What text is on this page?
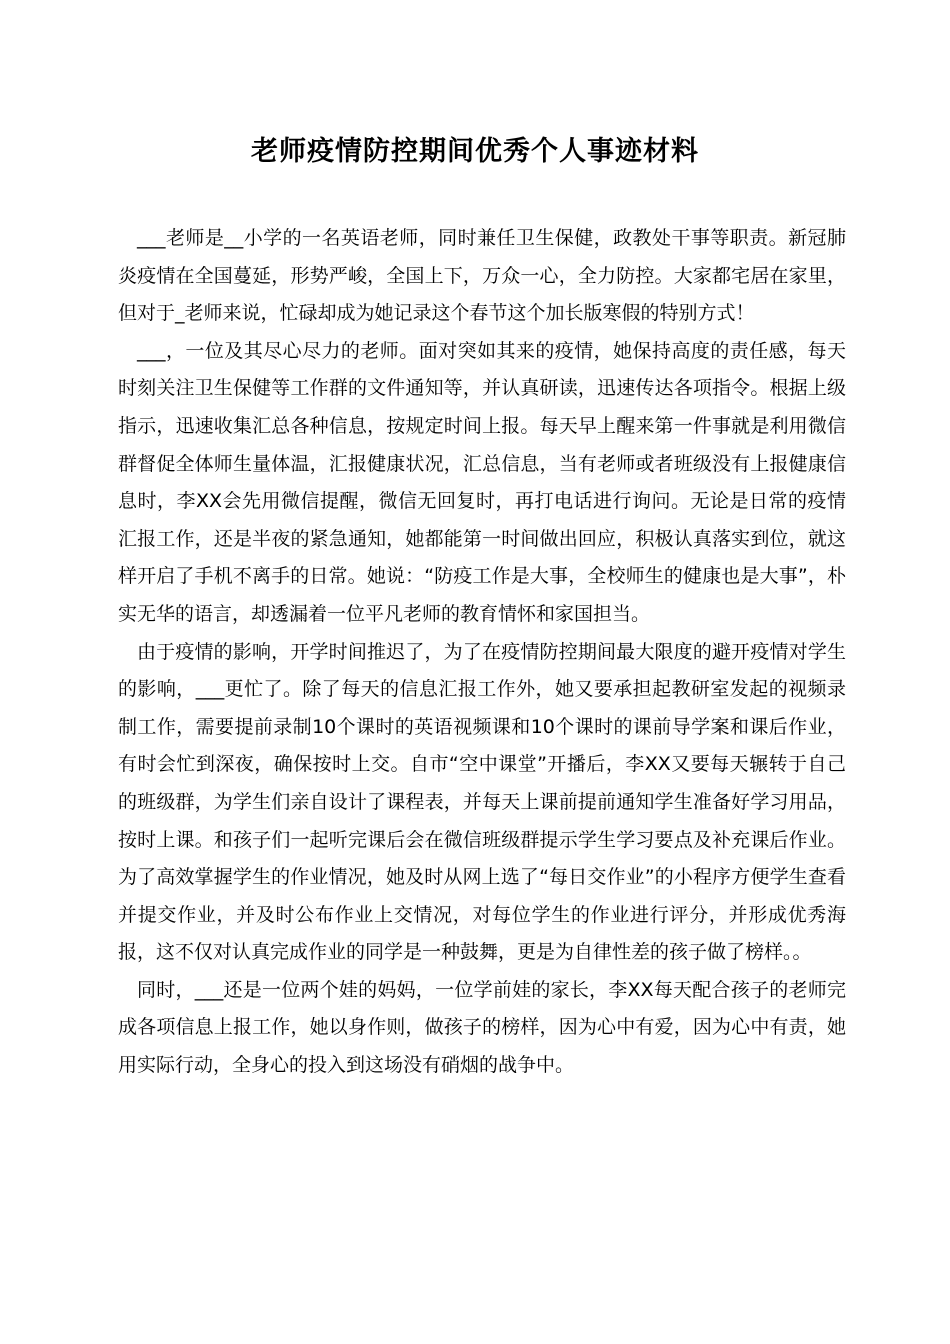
老师疫情防控期间优秀个人事迹材料

___老师是__小学的一名英语老师，同时兼任卫生保健，政教处干事等职责。新冠肺炎疫情在全国蔓延，形势严峻，全国上下，万众一心，全力防控。大家都宅居在家里，但对于_老师来说，忙碌却成为她记录这个春节这个加长版寒假的特别方式！

___，一位及其尽心尽力的老师。面对突如其来的疫情，她保持高度的责任感，每天时刻关注卫生保健等工作群的文件通知等，并认真研读，迅速传达各项指令。根据上级指示，迅速收集汇总各种信息，按规定时间上报。每天早上醒来第一件事就是利用微信群督促全体师生量体温，汇报健康状况，汇总信息，当有老师或者班级没有上报健康信息时，李XX会先用微信提醒，微信无回复时，再打电话进行询问。无论是日常的疫情汇报工作，还是半夜的紧急通知，她都能第一时间做出回应，积极认真落实到位，就这样开启了手机不离手的日常。她说：“防疫工作是大事，全校师生的健康也是大事”，朴实无华的语言，却透漏着一位平凡老师的教育情怀和家国担当。

由于疫情的影响，开学时间推迟了，为了在疫情防控期间最大限度的避开疫情对学生的影响，___更忙了。除了每天的信息汇报工作外，她又要承担起教研室发起的视频录制工作，需要提前录制10个课时的英语视频课和10个课时的课前导学案和课后作业，有时会忙到深夜，确保按时上交。自市“空中课堂”开播后，李XX又要每天辗转于自己的班级群，为学生们亲自设计了课程表，并每天上课前提前通知学生准备好学习用品，按时上课。和孩子们一起听完课后会在微信班级群提示学生学习要点及补充课后作业。为了高效掌握学生的作业情况，她及时从网上选了“每日交作业”的小程序方便学生查看并提交作业，并及时公布作业上交情况，对每位学生的作业进行评分，并形成优秀海报，这不仅对认真完成作业的同学是一种鼓舞，更是为自律性差的孩子做了榜样。。

同时，___还是一位两个娃的妈妈，一位学前娃的家长，李XX每天配合孩子的老师完成各项信息上报工作，她以身作则，做孩子的榜样，因为心中有爱，因为心中有责，她用实际行动，全身心的投入到这场没有硝烟的战争中。
